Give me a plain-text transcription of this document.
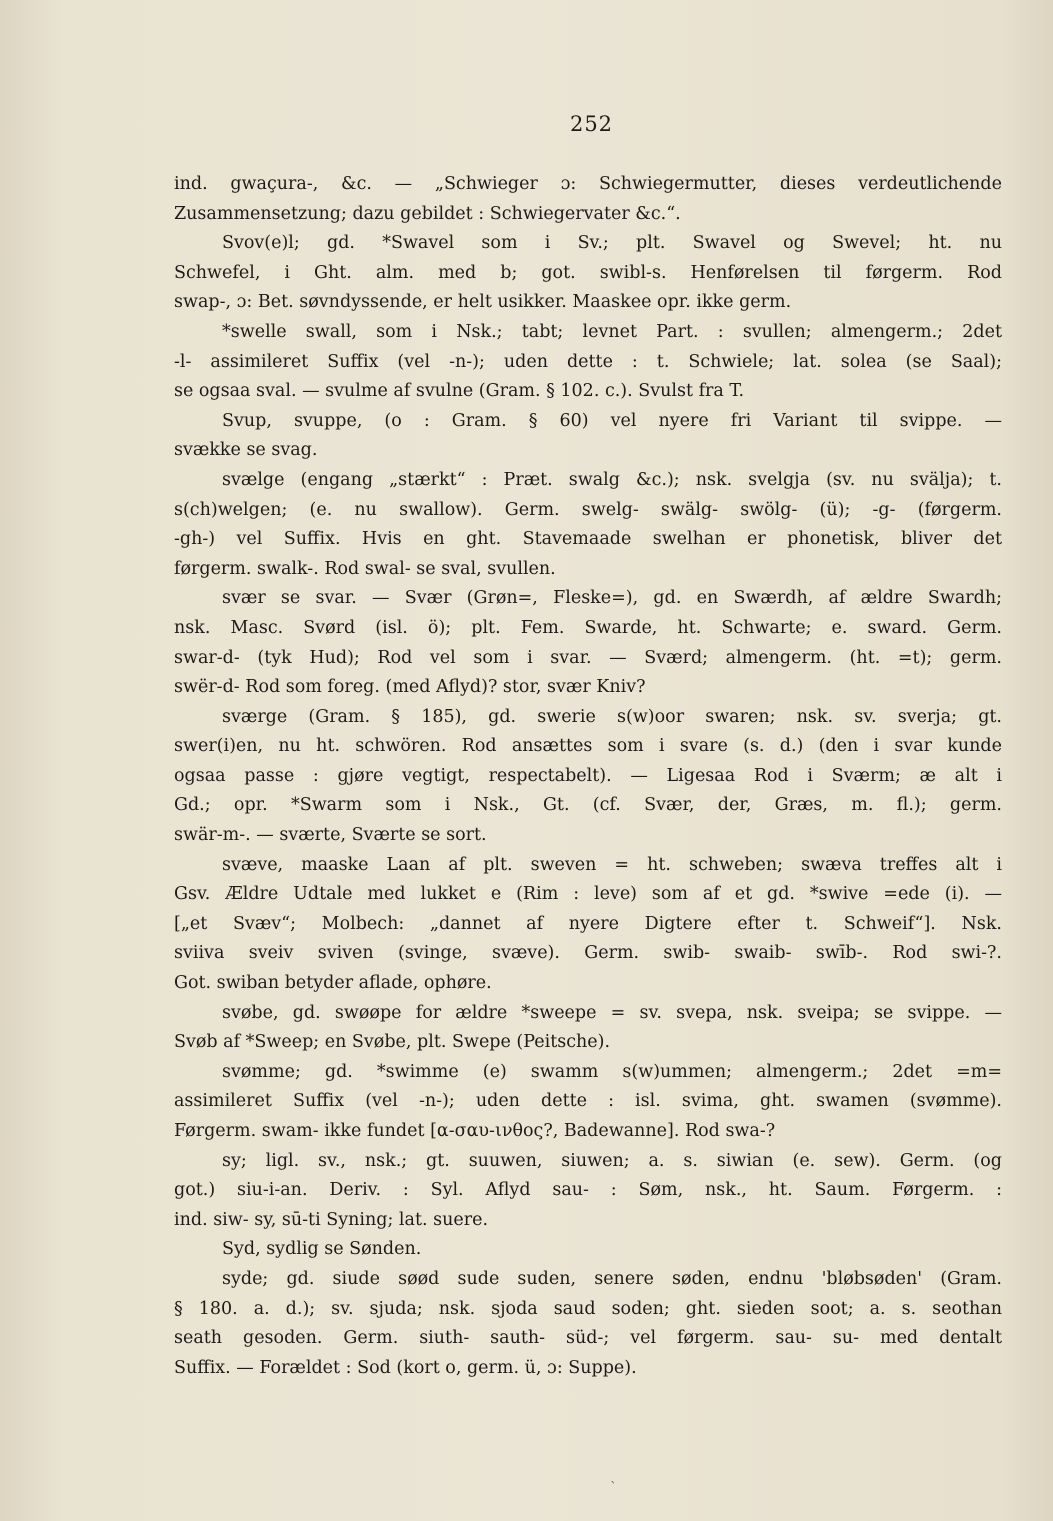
252
ind. gwaçura-, &c. — „Schwieger ɔ: Schwiegermutter, dieses verdeutlichende
Zusammensetzung; dazu gebildet : Schwiegervater &c.“.
Svov(e)l; gd. *Swavel som i Sv.; plt. Swavel og Swevel; ht. nu
Schwefel, i Ght. alm. med b; got. swibl-s. Henførelsen til førgerm. Rod
swap-, ɔ: Bet. søvndyssende, er helt usikker. Maaskee opr. ikke germ.
*swelle swall, som i Nsk.; tabt; levnet Part. : svullen; almengerm.; 2det
-l- assimileret Suffix (vel -n-); uden dette : t. Schwiele; lat. solea (se Saal);
se ogsaa sval. — svulme af svulne (Gram. § 102. c.). Svulst fra T.
Svup, svuppe, (o : Gram. § 60) vel nyere fri Variant til svippe. —
svække se svag.
svælge (engang „stærkt“ : Præt. swalg &c.); nsk. svelgja (sv. nu svälja); t.
s(ch)welgen; (e. nu swallow). Germ. swelg- swälg- swölg- (ü); -g- (førgerm.
-gh-) vel Suffix. Hvis en ght. Stavemaade swelhan er phonetisk, bliver det
førgerm. swalk-. Rod swal- se sval, svullen.
svær se svar. — Svær (Grøn=, Fleske=), gd. en Swærdh, af ældre Swardh;
nsk. Masc. Svørd (isl. ö); plt. Fem. Swarde, ht. Schwarte; e. sward. Germ.
swar-d- (tyk Hud); Rod vel som i svar. — Sværd; almengerm. (ht. =t); germ.
swër-d- Rod som foreg. (med Aflyd)? stor, svær Kniv?
sværge (Gram. § 185), gd. swerie s(w)oor swaren; nsk. sv. sverja; gt.
swer(i)en, nu ht. schwören. Rod ansættes som i svare (s. d.) (den i svar kunde
ogsaa passe : gjøre vegtigt, respectabelt). — Ligesaa Rod i Sværm; æ alt i
Gd.; opr. *Swarm som i Nsk., Gt. (cf. Svær, der, Græs, m. fl.); germ.
swär-m-. — sværte, Sværte se sort.
svæve, maaske Laan af plt. sweven = ht. schweben; swæva treffes alt i
Gsv. Ældre Udtale med lukket e (Rim : leve) som af et gd. *swive =ede (i). —
[„et Svæv“; Molbech: „dannet af nyere Digtere efter t. Schweif“]. Nsk.
sviiva sveiv sviven (svinge, svæve). Germ. swib- swaib- swīb-. Rod swi-?.
Got. swiban betyder aflade, ophøre.
svøbe, gd. swøøpe for ældre *sweepe = sv. svepa, nsk. sveipa; se svippe. —
Svøb af *Sweep; en Svøbe, plt. Swepe (Peitsche).
svømme; gd. *swimme (e) swamm s(w)ummen; almengerm.; 2det =m=
assimileret Suffix (vel -n-); uden dette : isl. svima, ght. swamen (svømme).
Førgerm. swam- ikke fundet [α-σαυ-ινθος?, Badewanne]. Rod swa-?
sy; ligl. sv., nsk.; gt. suuwen, siuwen; a. s. siwian (e. sew). Germ. (og
got.) siu-i-an. Deriv. : Syl. Aflyd sau- : Søm, nsk., ht. Saum. Førgerm. :
ind. siw- sy, sū-ti Syning; lat. suere.
Syd, sydlig se Sønden.
syde; gd. siude søød sude suden, senere søden, endnu 'bløbsøden' (Gram.
§ 180. a. d.); sv. sjuda; nsk. sjoda saud soden; ght. sieden soot; a. s. seothan
seath gesoden. Germ. siuth- sauth- süd-; vel førgerm. sau- su- med dentalt
Suffix. — Forældet : Sod (kort o, germ. ü, ɔ: Suppe).
`
